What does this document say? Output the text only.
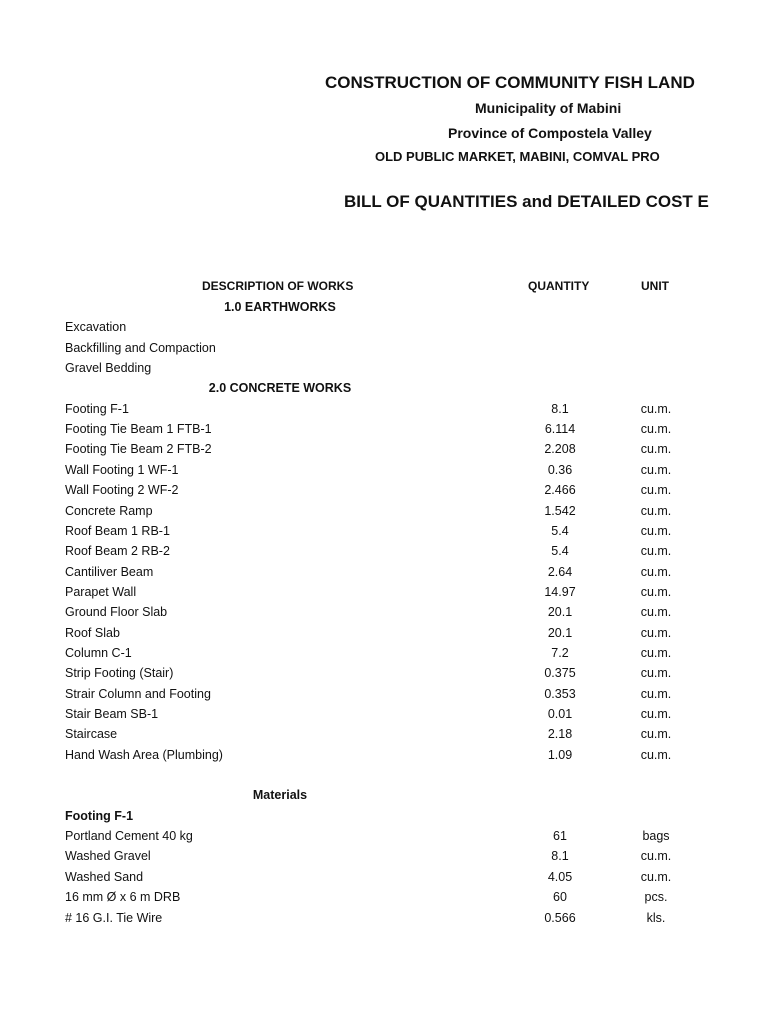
CONSTRUCTION OF COMMUNITY FISH LAND
Municipality of Mabini
Province of Compostela Valley
OLD PUBLIC MARKET, MABINI, COMVAL PRO
BILL OF QUANTITIES and DETAILED COST E
DESCRIPTION OF WORKS	QUANTITY	UNIT
1.0 EARTHWORKS
Excavation
Backfilling and Compaction
Gravel Bedding
2.0 CONCRETE WORKS
Footing F-1	8.1	cu.m.
Footing Tie Beam 1 FTB-1	6.114	cu.m.
Footing Tie Beam 2 FTB-2	2.208	cu.m.
Wall Footing 1 WF-1	0.36	cu.m.
Wall Footing 2 WF-2	2.466	cu.m.
Concrete Ramp	1.542	cu.m.
Roof Beam 1 RB-1	5.4	cu.m.
Roof Beam 2 RB-2	5.4	cu.m.
Cantiliver Beam	2.64	cu.m.
Parapet Wall	14.97	cu.m.
Ground Floor Slab	20.1	cu.m.
Roof Slab	20.1	cu.m.
Column C-1	7.2	cu.m.
Strip Footing (Stair)	0.375	cu.m.
Strair Column and Footing	0.353	cu.m.
Stair Beam SB-1	0.01	cu.m.
Staircase	2.18	cu.m.
Hand Wash Area (Plumbing)	1.09	cu.m.
Materials
Footing F-1
Portland Cement 40 kg	61	bags
Washed Gravel	8.1	cu.m.
Washed Sand	4.05	cu.m.
16 mm Ø x 6 m DRB	60	pcs.
# 16 G.I. Tie Wire	0.566	kls.
